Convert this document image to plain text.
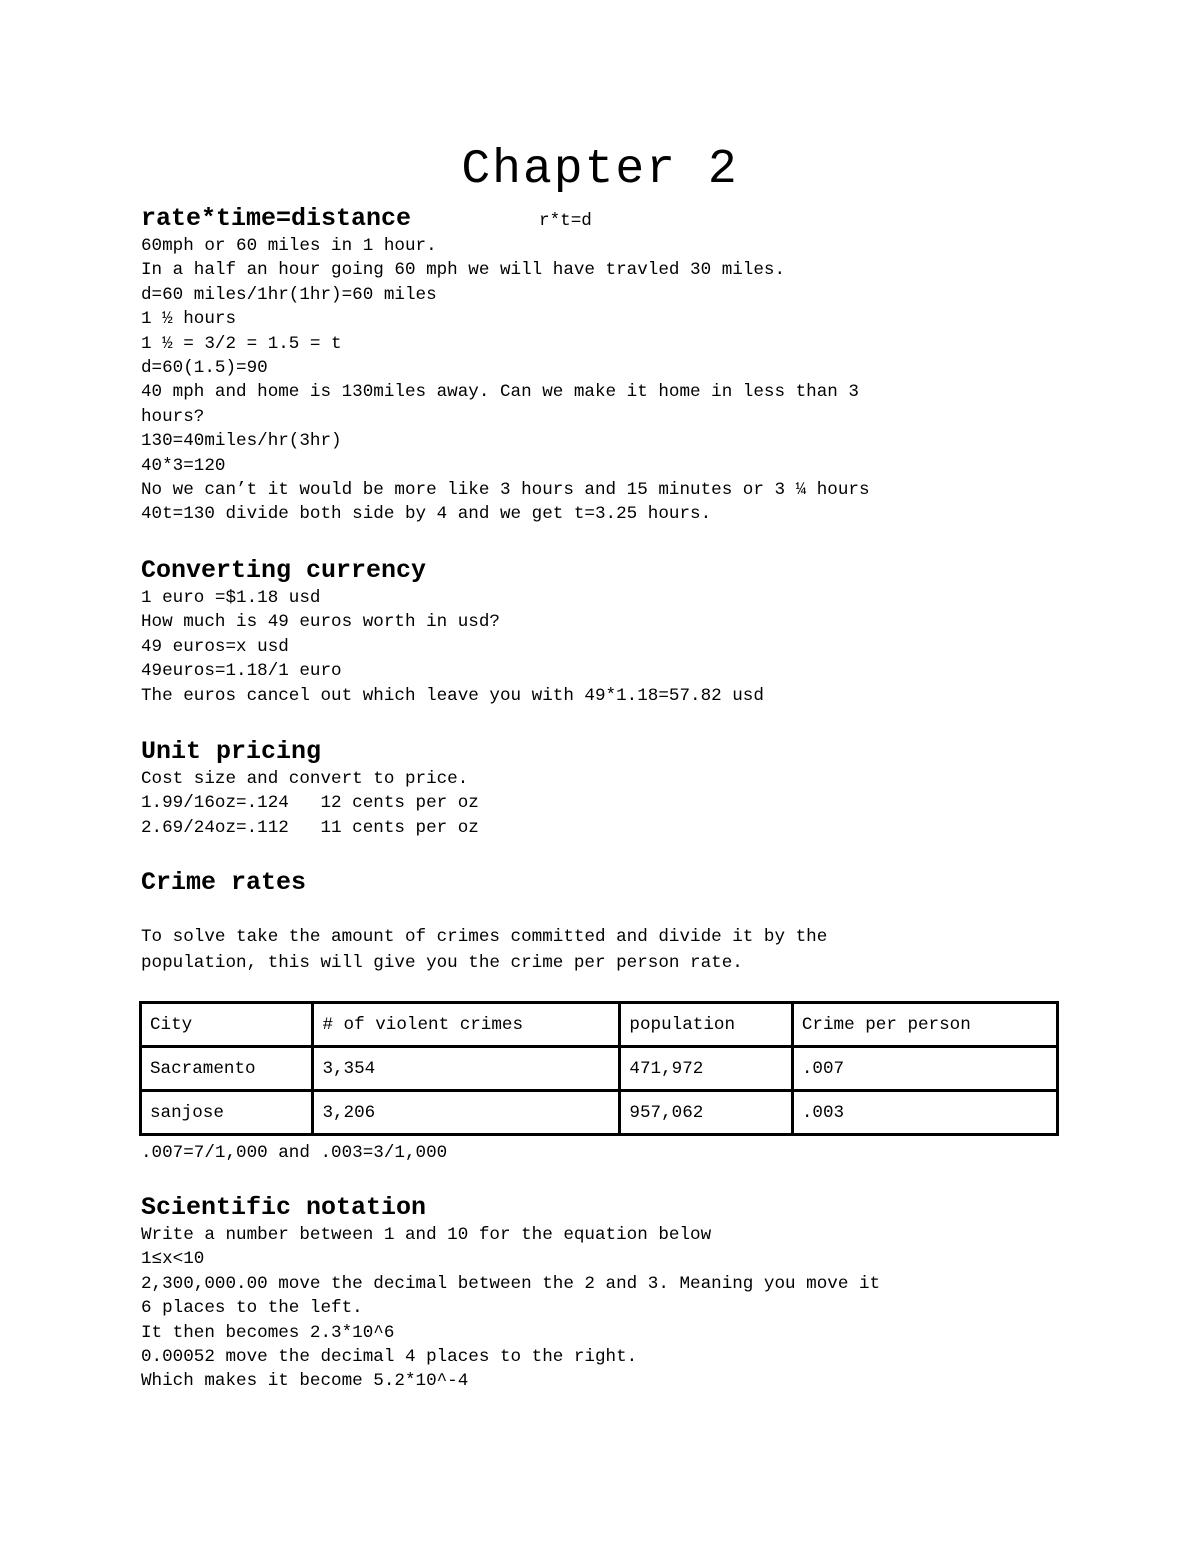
Chapter 2
rate*time=distance	r*t=d
60mph or 60 miles in 1 hour.
In a half an hour going 60 mph we will have travled 30 miles.
d=60 miles/1hr(1hr)=60 miles
1 ½ hours
1 ½ = 3/2 = 1.5 = t
d=60(1.5)=90
40 mph and home is 130miles away. Can we make it home in less than 3
hours?
130=40miles/hr(3hr)
40*3=120
No we can’t it would be more like 3 hours and 15 minutes or 3 ¼ hours
40t=130 divide both side by 4 and we get t=3.25 hours.
Converting currency
1 euro =$1.18 usd
How much is 49 euros worth in usd?
49 euros=x usd
49euros=1.18/1 euro
The euros cancel out which leave you with 49*1.18=57.82 usd
Unit pricing
Cost size and convert to price.
1.99/16oz=.124   12 cents per oz
2.69/24oz=.112   11 cents per oz
Crime rates
To solve take the amount of crimes committed and divide it by the
population, this will give you the crime per person rate.
City	# of violent crimes	population	Crime per person
Sacramento	3,354	471,972	.007
sanjose	3,206	957,062	.003
.007=7/1,000 and .003=3/1,000
Scientific notation
Write a number between 1 and 10 for the equation below
1≤x<10
2,300,000.00 move the decimal between the 2 and 3. Meaning you move it
6 places to the left.
It then becomes 2.3*10^6
0.00052 move the decimal 4 places to the right.
Which makes it become 5.2*10^-4
